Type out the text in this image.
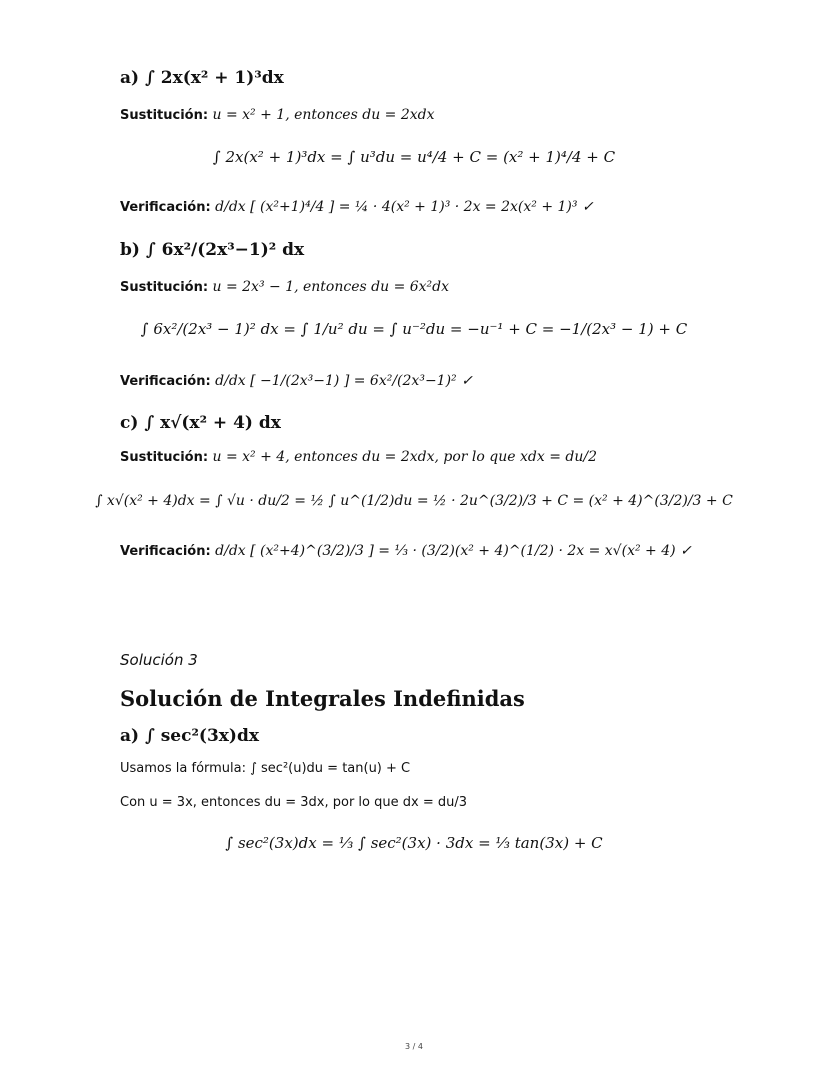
a) ∫ 2x(x² + 1)³dx
Sustitución: u = x² + 1, entonces du = 2xdx
∫ 2x(x² + 1)³dx = ∫ u³du = u⁴/4 + C = (x² + 1)⁴/4 + C
Verificación: d/dx [ (x²+1)⁴/4 ] = ¼ · 4(x² + 1)³ · 2x = 2x(x² + 1)³ ✓
b) ∫ 6x²/(2x³−1)² dx
Sustitución: u = 2x³ − 1, entonces du = 6x²dx
∫ 6x²/(2x³ − 1)² dx = ∫ 1/u² du = ∫ u⁻²du = −u⁻¹ + C = −1/(2x³ − 1) + C
Verificación: d/dx [ −1/(2x³−1) ] = 6x²/(2x³−1)² ✓
c) ∫ x√(x² + 4) dx
Sustitución: u = x² + 4, entonces du = 2xdx, por lo que xdx = du/2
∫ x√(x² + 4)dx = ∫ √u · du/2 = ½ ∫ u^(1/2)du = ½ · 2u^(3/2)/3 + C = (x² + 4)^(3/2)/3 + C
Verificación: d/dx [ (x²+4)^(3/2)/3 ] = ⅓ · (3/2)(x² + 4)^(1/2) · 2x = x√(x² + 4) ✓
Solución 3
Solución de Integrales Indefinidas
a) ∫ sec²(3x)dx
Usamos la fórmula: ∫ sec²(u)du = tan(u) + C
Con u = 3x, entonces du = 3dx, por lo que dx = du/3
∫ sec²(3x)dx = ⅓ ∫ sec²(3x) · 3dx = ⅓ tan(3x) + C
3 / 4
